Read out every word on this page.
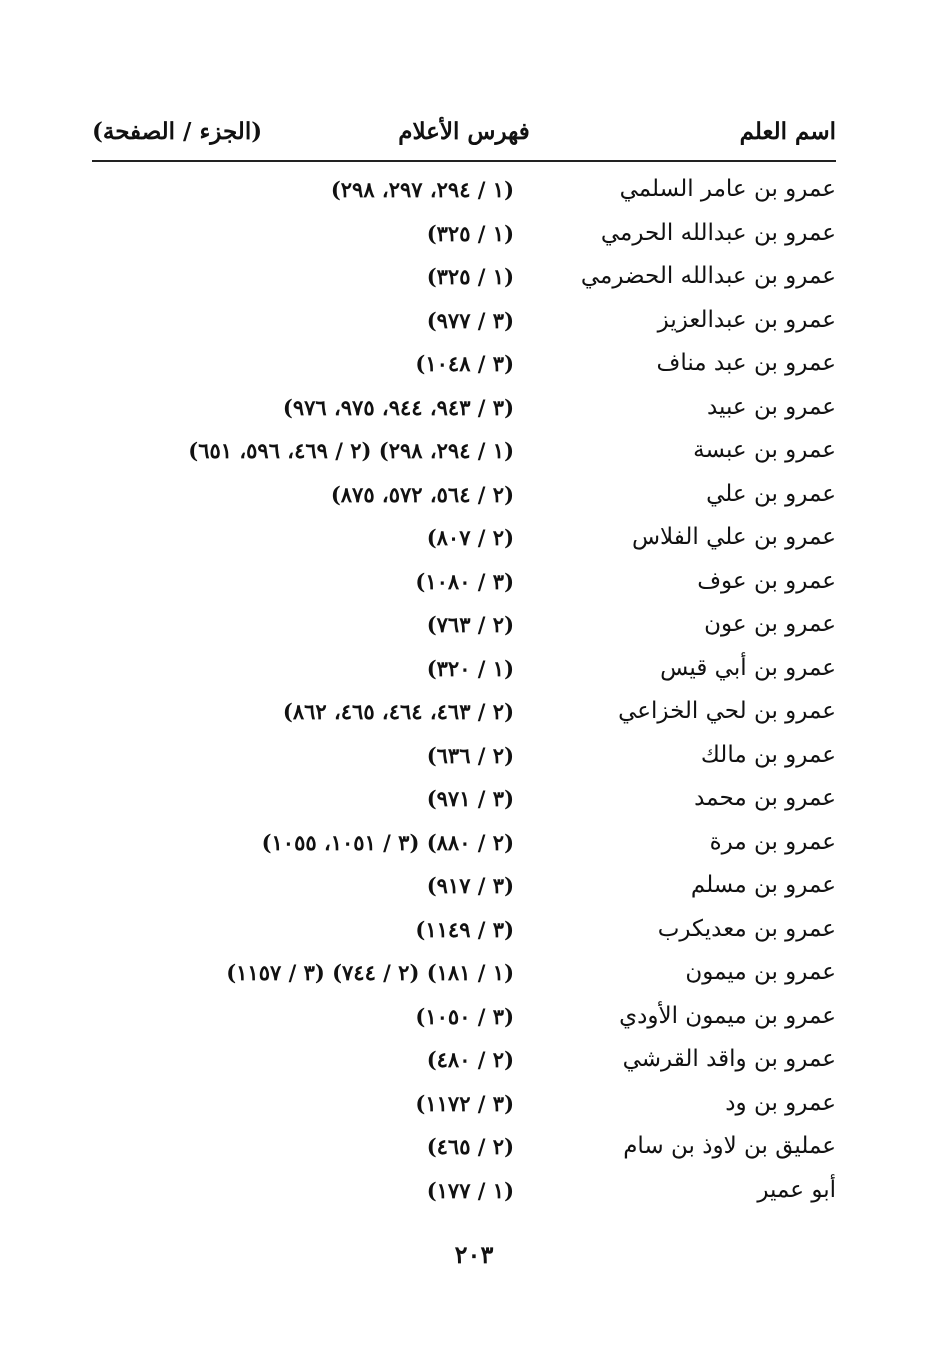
اسم العلم
فهرس الأعلام
(الجزء / الصفحة)
عمرو بن عامر السلمي
(١ / ٢٩٤، ٢٩٧، ٢٩٨)
عمرو بن عبدالله الحرمي
(١ / ٣٢٥)
عمرو بن عبدالله الحضرمي
(١ / ٣٢٥)
عمرو بن عبدالعزيز
(٣ / ٩٧٧)
عمرو بن عبد مناف
(٣ / ١٠٤٨)
عمرو بن عبيد
(٣ / ٩٤٣، ٩٤٤، ٩٧٥، ٩٧٦)
عمرو بن عبسة
(١ / ٢٩٤، ٢٩٨) (٢ / ٤٦٩، ٥٩٦، ٦٥١)
عمرو بن علي
(٢ / ٥٦٤، ٥٧٢، ٨٧٥)
عمرو بن علي الفلاس
(٢ / ٨٠٧)
عمرو بن عوف
(٣ / ١٠٨٠)
عمرو بن عون
(٢ / ٧٦٣)
عمرو بن أبي قيس
(١ / ٣٢٠)
عمرو بن لحي الخزاعي
(٢ / ٤٦٣، ٤٦٤، ٤٦٥، ٨٦٢)
عمرو بن مالك
(٢ / ٦٣٦)
عمرو بن محمد
(٣ / ٩٧١)
عمرو بن مرة
(٢ / ٨٨٠) (٣ / ١٠٥١، ١٠٥٥)
عمرو بن مسلم
(٣ / ٩١٧)
عمرو بن معديكرب
(٣ / ١١٤٩)
عمرو بن ميمون
(١ / ١٨١) (٢ / ٧٤٤) (٣ / ١١٥٧)
عمرو بن ميمون الأودي
(٣ / ١٠٥٠)
عمرو بن واقد القرشي
(٢ / ٤٨٠)
عمرو بن ود
(٣ / ١١٧٢)
عمليق بن لاوذ بن سام
(٢ / ٤٦٥)
أبو عمير
(١ / ١٧٧)
٢٠٣
